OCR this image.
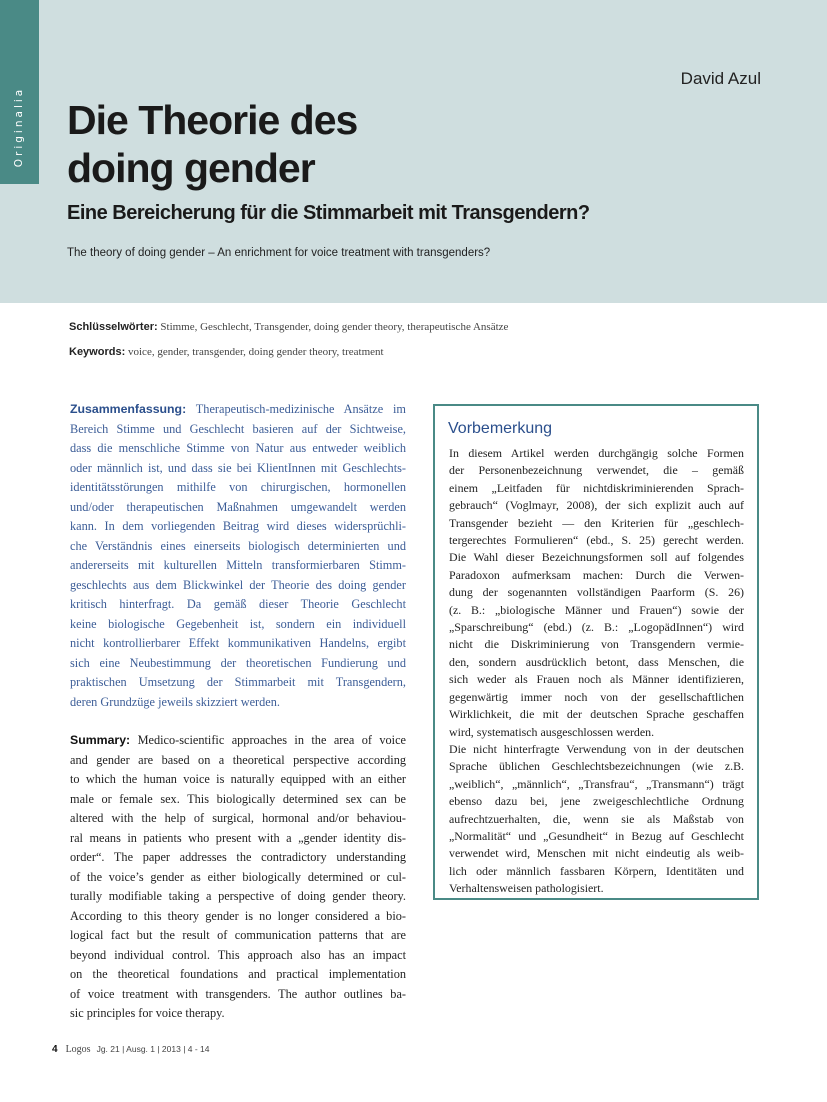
Originalia
David Azul
Die Theorie des
doing gender
Eine Bereicherung für die Stimmarbeit mit Transgendern?
The theory of doing gender – An enrichment for voice treatment with transgenders?
Schlüsselwörter: Stimme, Geschlecht, Transgender, doing gender theory, therapeutische Ansätze
Keywords: voice, gender, transgender, doing gender theory, treatment
Zusammenfassung: Therapeutisch-medizinische Ansätze im
Bereich Stimme und Geschlecht basieren auf der Sichtweise,
dass die menschliche Stimme von Natur aus entweder weiblich
oder männlich ist, und dass sie bei KlientInnen mit Geschlechts-
identitätsstörungen mithilfe von chirurgischen, hormonellen
und/oder therapeutischen Maßnahmen umgewandelt werden
kann. In dem vorliegenden Beitrag wird dieses widersprüchli-
che Verständnis eines einerseits biologisch determinierten und
andererseits mit kulturellen Mitteln transformierbaren Stimm-
geschlechts aus dem Blickwinkel der Theorie des doing gender
kritisch hinterfragt. Da gemäß dieser Theorie Geschlecht
keine biologische Gegebenheit ist, sondern ein individuell
nicht kontrollierbarer Effekt kommunikativen Handelns, ergibt
sich eine Neubestimmung der theoretischen Fundierung und
praktischen Umsetzung der Stimmarbeit mit Transgendern,
deren Grundzüge jeweils skizziert werden.
Summary: Medico-scientific approaches in the area of voice
and gender are based on a theoretical perspective according
to which the human voice is naturally equipped with an either
male or female sex. This biologically determined sex can be
altered with the help of surgical, hormonal and/or behaviou-
ral means in patients who present with a „gender identity dis-
order“. The paper addresses the contradictory understanding
of the voice’s gender as either biologically determined or cul-
turally modifiable taking a perspective of doing gender theory.
According to this theory gender is no longer considered a bio-
logical fact but the result of communication patterns that are
beyond individual control. This approach also has an impact
on the theoretical foundations and practical implementation
of voice treatment with transgenders. The author outlines ba-
sic principles for voice therapy.
Vorbemerkung
In diesem Artikel werden durchgängig solche Formen
der Personenbezeichnung verwendet, die – gemäß
einem „Leitfaden für nichtdiskriminierenden Sprach-
gebrauch“ (Voglmayr, 2008), der sich explizit auch auf
Transgender bezieht — den Kriterien für „geschlech-
tergerechtes Formulieren“ (ebd., S. 25) gerecht werden.
Die Wahl dieser Bezeichnungsformen soll auf folgendes
Paradoxon aufmerksam machen: Durch die Verwen-
dung der sogenannten vollständigen Paarform (S. 26)
(z. B.: „biologische Männer und Frauen“) sowie der
„Sparschreibung“ (ebd.) (z. B.: „LogopädInnen“) wird
nicht die Diskriminierung von Transgendern vermie-
den, sondern ausdrücklich betont, dass Menschen, die
sich weder als Frauen noch als Männer identifizieren,
gegenwärtig immer noch von der gesellschaftlichen
Wirklichkeit, die mit der deutschen Sprache geschaffen
wird, systematisch ausgeschlossen werden.
Die nicht hinterfragte Verwendung von in der deutschen
Sprache üblichen Geschlechtsbezeichnungen (wie z.B.
„weiblich“, „männlich“, „Transfrau“, „Transmann“) trägt
ebenso dazu bei, jene zweigeschlechtliche Ordnung
aufrechtzuerhalten, die, wenn sie als Maßstab von
„Normalität“ und „Gesundheit“ in Bezug auf Geschlecht
verwendet wird, Menschen mit nicht eindeutig als weib-
lich oder männlich fassbaren Körpern, Identitäten und
Verhaltensweisen pathologisiert.
4 Logos Jg. 21 | Ausg. 1 | 2013 | 4 - 14
